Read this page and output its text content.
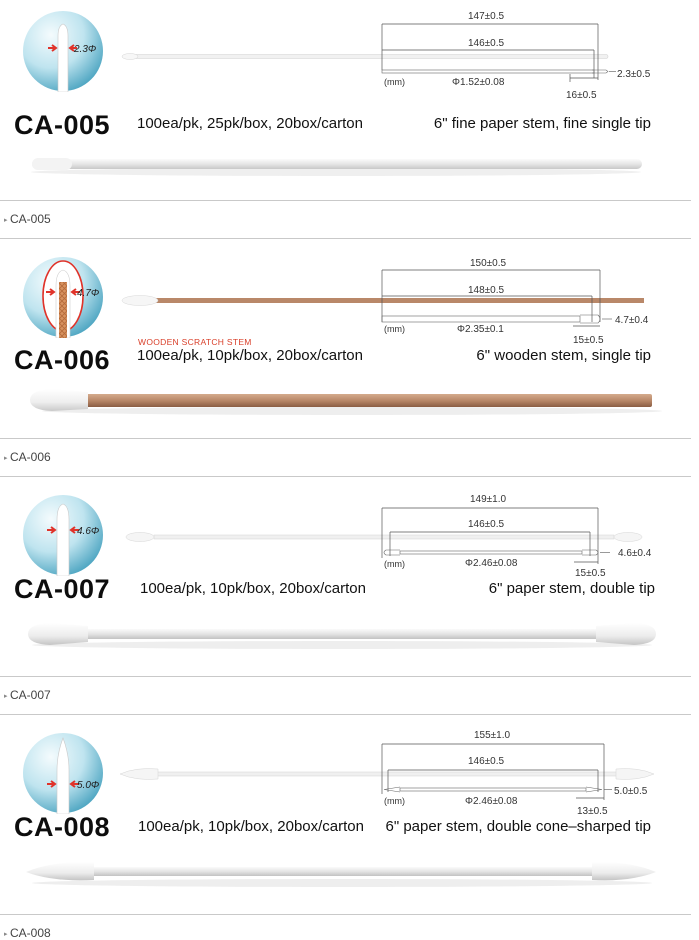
2.3Φ
CA-005
147±0.5
146±0.5
(mm)	Φ1.52±0.08
16±0.5
2.3±0.5
100ea/pk, 25pk/box, 20box/carton	6" fine paper stem, fine single tip
▸ CA-005
4.7Φ
WOODEN SCRATCH STEM
CA-006
150±0.5
148±0.5
(mm)	Φ2.35±0.1
15±0.5
4.7±0.4
100ea/pk, 10pk/box, 20box/carton	6" wooden stem, single tip
▸ CA-006
4.6Φ
CA-007
149±1.0
146±0.5
(mm)	Φ2.46±0.08
15±0.5
4.6±0.4
100ea/pk, 10pk/box, 20box/carton	6" paper stem, double tip
▸ CA-007
5.0Φ
CA-008
155±1.0
146±0.5
(mm)	Φ2.46±0.08
13±0.5
5.0±0.5
100ea/pk, 10pk/box, 20box/carton 6" paper stem, double cone–sharped tip
▸ CA-008
